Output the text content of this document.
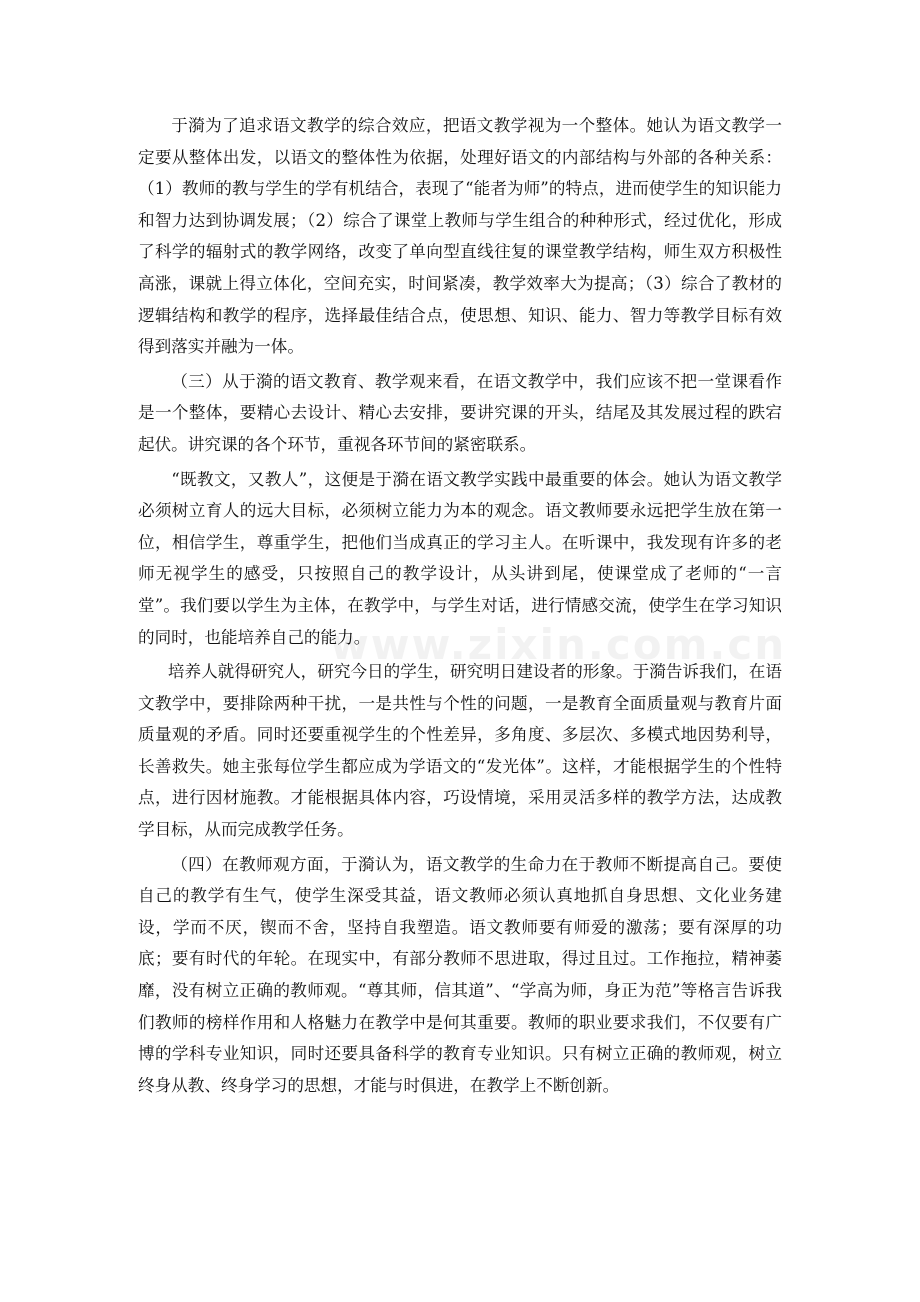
于漪为了追求语文教学的综合效应，把语文教学视为一个整体。她认为语文教学一定要从整体出发，以语文的整体性为依据，处理好语文的内部结构与外部的各种关系：（1）教师的教与学生的学有机结合，表现了“能者为师”的特点，进而使学生的知识能力和智力达到协调发展；（2）综合了课堂上教师与学生组合的种种形式，经过优化，形成了科学的辐射式的教学网络，改变了单向型直线往复的课堂教学结构，师生双方积极性高涨，课就上得立体化，空间充实，时间紧凑，教学效率大为提高；（3）综合了教材的逻辑结构和教学的程序，选择最佳结合点，使思想、知识、能力、智力等教学目标有效得到落实并融为一体。

（三）从于漪的语文教育、教学观来看，在语文教学中，我们应该不把一堂课看作是一个整体，要精心去设计、精心去安排，要讲究课的开头，结尾及其发展过程的跌宕起伏。讲究课的各个环节，重视各环节间的紧密联系。

“既教文，又教人”，这便是于漪在语文教学实践中最重要的体会。她认为语文教学必须树立育人的远大目标，必须树立能力为本的观念。语文教师要永远把学生放在第一位，相信学生，尊重学生，把他们当成真正的学习主人。在听课中，我发现有许多的老师无视学生的感受，只按照自己的教学设计，从头讲到尾，使课堂成了老师的“一言堂”。我们要以学生为主体，在教学中，与学生对话，进行情感交流，使学生在学习知识的同时，也能培养自己的能力。

培养人就得研究人，研究今日的学生，研究明日建设者的形象。于漪告诉我们，在语文教学中，要排除两种干扰，一是共性与个性的问题，一是教育全面质量观与教育片面质量观的矛盾。同时还要重视学生的个性差异，多角度、多层次、多模式地因势利导，长善救失。她主张每位学生都应成为学语文的“发光体”。这样，才能根据学生的个性特点，进行因材施教。才能根据具体内容，巧设情境，采用灵活多样的教学方法，达成教学目标，从而完成教学任务。

（四）在教师观方面，于漪认为，语文教学的生命力在于教师不断提高自己。要使自己的教学有生气，使学生深受其益，语文教师必须认真地抓自身思想、文化业务建设，学而不厌，锲而不舍，坚持自我塑造。语文教师要有师爱的激荡；要有深厚的功底；要有时代的年轮。在现实中，有部分教师不思进取，得过且过。工作拖拉，精神萎靡，没有树立正确的教师观。“尊其师，信其道”、“学高为师，身正为范”等格言告诉我们教师的榜样作用和人格魅力在教学中是何其重要。教师的职业要求我们，不仅要有广博的学科专业知识，同时还要具备科学的教育专业知识。只有树立正确的教师观，树立终身从教、终身学习的思想，才能与时俱进，在教学上不断创新。

www.zixin.com.cn
